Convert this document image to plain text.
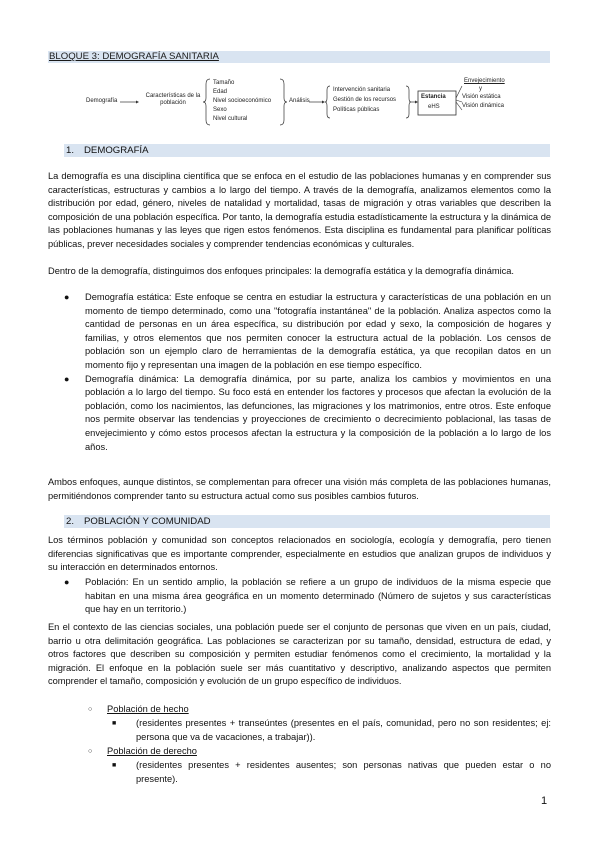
BLOQUE 3: DEMOGRAFÍA SANITARIA
Demografía
Características de la población
Tamaño
Edad
Nivel socioeconómico
Sexo
Nivel cultural
Análisis
Intervención sanitaria
Gestión de los recursos
Políticas públicas
Estancia
eHS
Envejecimiento
y
Visión estática
Visión dinámica
1. DEMOGRAFÍA
La demografía es una disciplina científica que se enfoca en el estudio de las poblaciones humanas y en comprender sus características, estructuras y cambios a lo largo del tiempo. A través de la demografía, analizamos elementos como la distribución por edad, género, niveles de natalidad y mortalidad, tasas de migración y otras variables que describen la composición de una población específica. Por tanto, la demografía estudia estadísticamente la estructura y la dinámica de las poblaciones humanas y las leyes que rigen estos fenómenos. Esta disciplina es fundamental para planificar políticas públicas, prever necesidades sociales y comprender tendencias económicas y culturales.
Dentro de la demografía, distinguimos dos enfoques principales: la demografía estática y la demografía dinámica.
● Demografía estática: Este enfoque se centra en estudiar la estructura y características de una población en un momento de tiempo determinado, como una "fotografía instantánea" de la población. Analiza aspectos como la cantidad de personas en un área específica, su distribución por edad y sexo, la composición de hogares y familias, y otros elementos que nos permiten conocer la estructura actual de la población. Los censos de población son un ejemplo claro de herramientas de la demografía estática, ya que recopilan datos en un momento fijo y representan una imagen de la población en ese tiempo específico.
● Demografía dinámica: La demografía dinámica, por su parte, analiza los cambios y movimientos en una población a lo largo del tiempo. Su foco está en entender los factores y procesos que afectan la evolución de la población, como los nacimientos, las defunciones, las migraciones y los matrimonios, entre otros. Este enfoque nos permite observar las tendencias y proyecciones de crecimiento o decrecimiento poblacional, las tasas de envejecimiento y cómo estos procesos afectan la estructura y la composición de la población a lo largo de los años.
Ambos enfoques, aunque distintos, se complementan para ofrecer una visión más completa de las poblaciones humanas, permitiéndonos comprender tanto su estructura actual como sus posibles cambios futuros.
2. POBLACIÓN Y COMUNIDAD
Los términos población y comunidad son conceptos relacionados en sociología, ecología y demografía, pero tienen diferencias significativas que es importante comprender, especialmente en estudios que analizan grupos de individuos y su interacción en determinados entornos.
● Población: En un sentido amplio, la población se refiere a un grupo de individuos de la misma especie que habitan en una misma área geográfica en un momento determinado (Número de sujetos y sus características que hay en un territorio.)
En el contexto de las ciencias sociales, una población puede ser el conjunto de personas que viven en un país, ciudad, barrio u otra delimitación geográfica. Las poblaciones se caracterizan por su tamaño, densidad, estructura de edad, y otros factores que describen su composición y permiten estudiar fenómenos como el crecimiento, la mortalidad y la migración. El enfoque en la población suele ser más cuantitativo y descriptivo, analizando aspectos que permiten comprender el tamaño, composición y evolución de un grupo específico de individuos.
○ Población de hecho
■	(residentes presentes + transeúntes (presentes en el país, comunidad, pero no son residentes; ej: persona que va de vacaciones, a trabajar)).
○ Población de derecho
■	(residentes presentes + residentes ausentes; son personas nativas que pueden estar o no presente).
1
